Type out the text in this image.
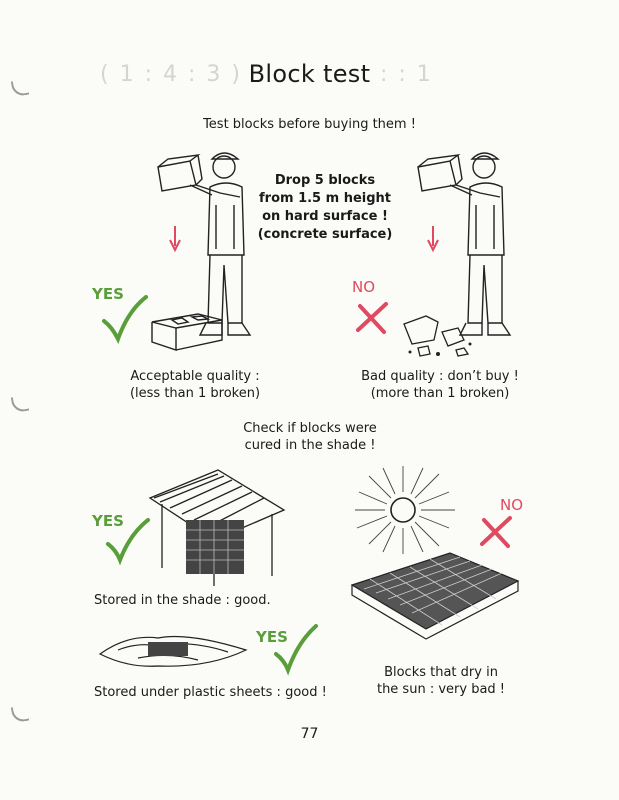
( 1 : 4 : 3 )	: : 1
Block test
Test blocks before buying them !
Drop 5 blocks
from 1.5 m height
on hard surface !
(concrete surface)
YES	NO
Acceptable quality :
(less than 1 broken)
Bad quality : don’t buy !
(more than 1 broken)
Check if blocks were
cured in the shade !
NO
YES
Stored in the shade : good.
YES
Stored under plastic sheets : good !
Blocks that dry in
the sun : very bad !
77
